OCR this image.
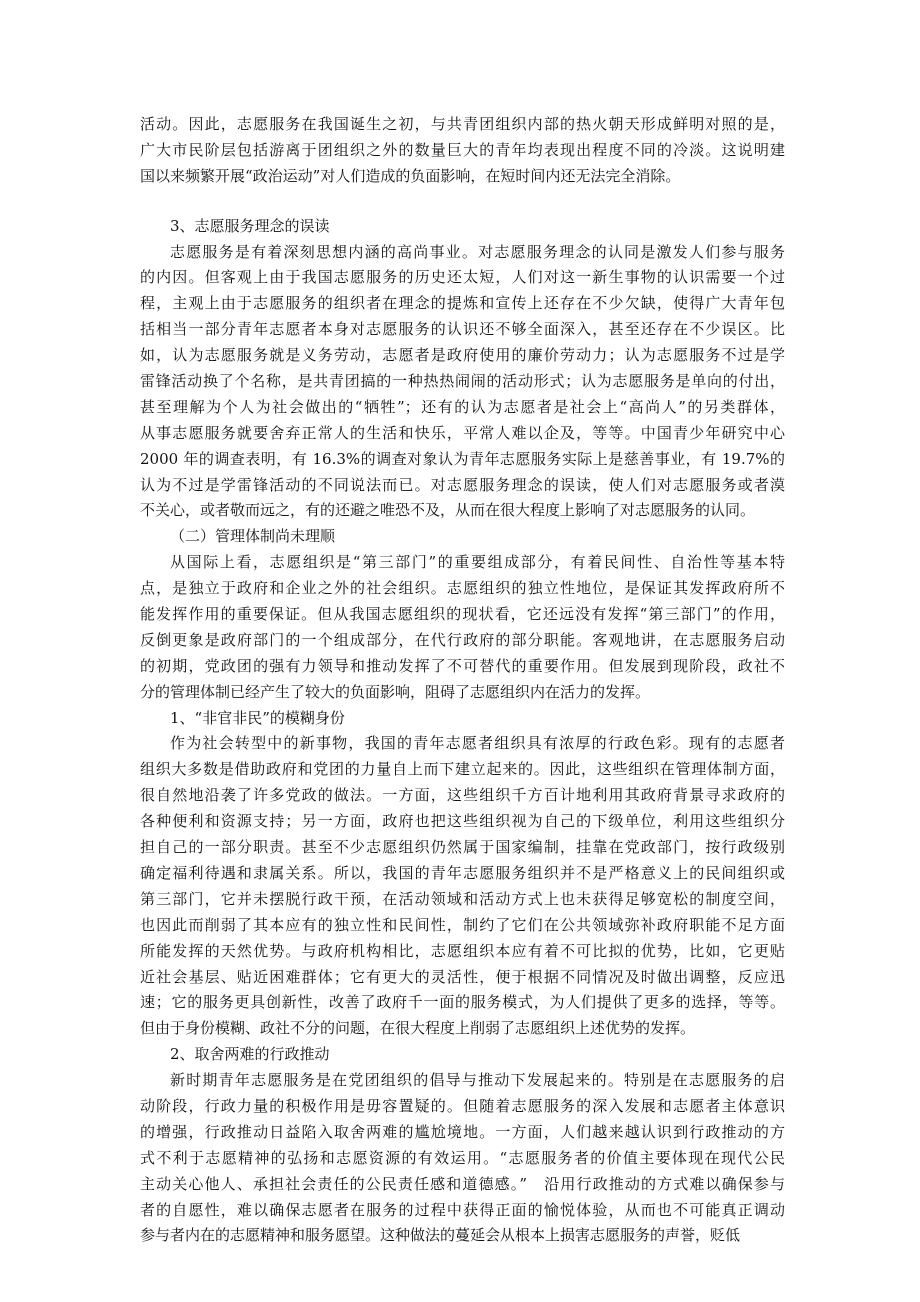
活动。因此，志愿服务在我国诞生之初，与共青团组织内部的热火朝天形成鲜明对照的是，
广大市民阶层包括游离于团组织之外的数量巨大的青年均表现出程度不同的冷淡。这说明建
国以来频繁开展“政治运动”对人们造成的负面影响，在短时间内还无法完全消除。
3、志愿服务理念的误读
志愿服务是有着深刻思想内涵的高尚事业。对志愿服务理念的认同是激发人们参与服务
的内因。但客观上由于我国志愿服务的历史还太短，人们对这一新生事物的认识需要一个过
程，主观上由于志愿服务的组织者在理念的提炼和宣传上还存在不少欠缺，使得广大青年包
括相当一部分青年志愿者本身对志愿服务的认识还不够全面深入，甚至还存在不少误区。比
如，认为志愿服务就是义务劳动，志愿者是政府使用的廉价劳动力；认为志愿服务不过是学
雷锋活动换了个名称，是共青团搞的一种热热闹闹的活动形式；认为志愿服务是单向的付出，
甚至理解为个人为社会做出的“牺牲”；还有的认为志愿者是社会上“高尚人”的另类群体，
从事志愿服务就要舍弃正常人的生活和快乐，平常人难以企及，等等。中国青少年研究中心
2000 年的调查表明，有 16.3%的调查对象认为青年志愿服务实际上是慈善事业，有 19.7%的
认为不过是学雷锋活动的不同说法而已。对志愿服务理念的误读，使人们对志愿服务或者漠
不关心，或者敬而远之，有的还避之唯恐不及，从而在很大程度上影响了对志愿服务的认同。
（二）管理体制尚未理顺
从国际上看，志愿组织是“第三部门”的重要组成部分，有着民间性、自治性等基本特
点，是独立于政府和企业之外的社会组织。志愿组织的独立性地位，是保证其发挥政府所不
能发挥作用的重要保证。但从我国志愿组织的现状看，它还远没有发挥“第三部门”的作用，
反倒更象是政府部门的一个组成部分，在代行政府的部分职能。客观地讲，在志愿服务启动
的初期，党政团的强有力领导和推动发挥了不可替代的重要作用。但发展到现阶段，政社不
分的管理体制已经产生了较大的负面影响，阻碍了志愿组织内在活力的发挥。
1、“非官非民”的模糊身份
作为社会转型中的新事物，我国的青年志愿者组织具有浓厚的行政色彩。现有的志愿者
组织大多数是借助政府和党团的力量自上而下建立起来的。因此，这些组织在管理体制方面，
很自然地沿袭了许多党政的做法。一方面，这些组织千方百计地利用其政府背景寻求政府的
各种便利和资源支持；另一方面，政府也把这些组织视为自己的下级单位，利用这些组织分
担自己的一部分职责。甚至不少志愿组织仍然属于国家编制，挂靠在党政部门，按行政级别
确定福利待遇和隶属关系。所以，我国的青年志愿服务组织并不是严格意义上的民间组织或
第三部门，它并未摆脱行政干预，在活动领域和活动方式上也未获得足够宽松的制度空间，
也因此而削弱了其本应有的独立性和民间性，制约了它们在公共领域弥补政府职能不足方面
所能发挥的天然优势。与政府机构相比，志愿组织本应有着不可比拟的优势，比如，它更贴
近社会基层、贴近困难群体；它有更大的灵活性，便于根据不同情况及时做出调整，反应迅
速；它的服务更具创新性，改善了政府千一面的服务模式，为人们提供了更多的选择，等等。
但由于身份模糊、政社不分的问题，在很大程度上削弱了志愿组织上述优势的发挥。
2、取舍两难的行政推动
新时期青年志愿服务是在党团组织的倡导与推动下发展起来的。特别是在志愿服务的启
动阶段，行政力量的积极作用是毋容置疑的。但随着志愿服务的深入发展和志愿者主体意识
的增强，行政推动日益陷入取舍两难的尴尬境地。一方面，人们越来越认识到行政推动的方
式不利于志愿精神的弘扬和志愿资源的有效运用。“志愿服务者的价值主要体现在现代公民
主动关心他人、承担社会责任的公民责任感和道德感。”　沿用行政推动的方式难以确保参与
者的自愿性，难以确保志愿者在服务的过程中获得正面的愉悦体验，从而也不可能真正调动
参与者内在的志愿精神和服务愿望。这种做法的蔓延会从根本上损害志愿服务的声誉，贬低
